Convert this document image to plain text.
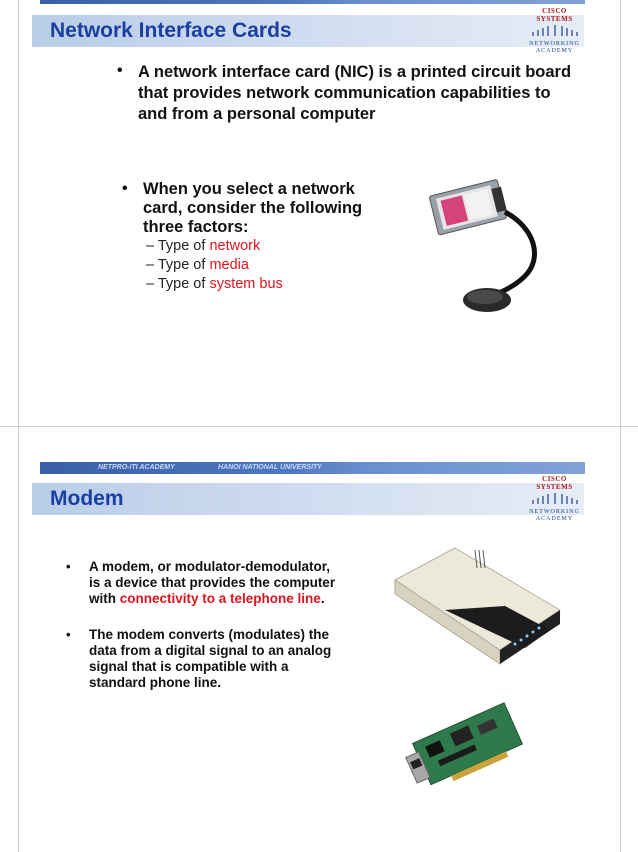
Network Interface Cards
CISCO SYSTEMS
NETWORKING
ACADEMY
• A network interface card (NIC) is a printed circuit board that provides network communication capabilities to and from a personal computer
• When you select a network card, consider the following three factors:
– Type of network
– Type of media
– Type of system bus
NETPRO-ITI ACADEMY	HANOI NATIONAL UNIVERSITY
Modem
CISCO SYSTEMS
NETWORKING
ACADEMY
• A modem, or modulator-demodulator, is a device that provides the computer with connectivity to a telephone line.
• The modem converts (modulates) the data from a digital signal to an analog signal that is compatible with a standard phone line.
